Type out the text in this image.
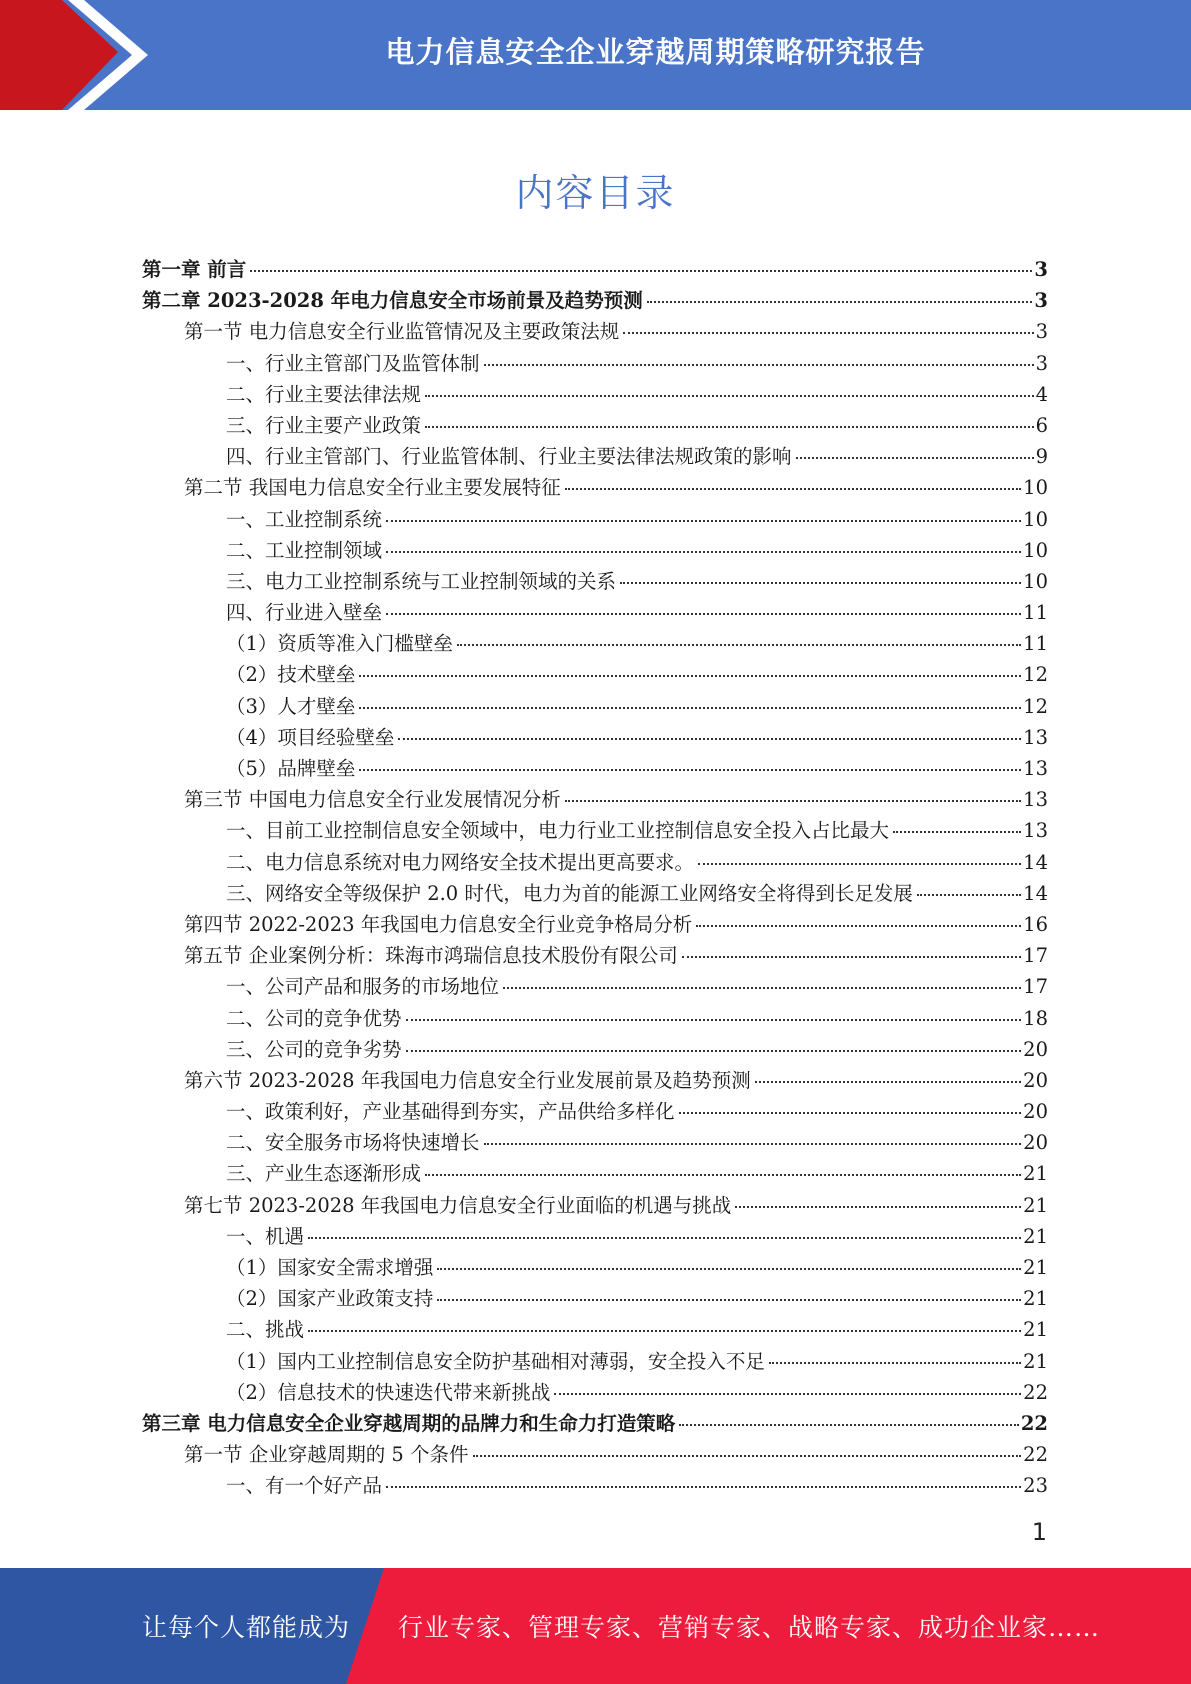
电力信息安全企业穿越周期策略研究报告
内容目录
第一章 前言	3
第二章 2023-2028 年电力信息安全市场前景及趋势预测	3
第一节 电力信息安全行业监管情况及主要政策法规	3
一、行业主管部门及监管体制	3
二、行业主要法律法规	4
三、行业主要产业政策	6
四、行业主管部门、行业监管体制、行业主要法律法规政策的影响	9
第二节 我国电力信息安全行业主要发展特征	10
一、工业控制系统	10
二、工业控制领域	10
三、电力工业控制系统与工业控制领域的关系	10
四、行业进入壁垒	11
（1）资质等准入门槛壁垒	11
（2）技术壁垒	12
（3）人才壁垒	12
（4）项目经验壁垒	13
（5）品牌壁垒	13
第三节 中国电力信息安全行业发展情况分析	13
一、目前工业控制信息安全领域中，电力行业工业控制信息安全投入占比最大	13
二、电力信息系统对电力网络安全技术提出更高要求。	14
三、网络安全等级保护 2.0 时代，电力为首的能源工业网络安全将得到长足发展	14
第四节 2022-2023 年我国电力信息安全行业竞争格局分析	16
第五节 企业案例分析：珠海市鸿瑞信息技术股份有限公司	17
一、公司产品和服务的市场地位	17
二、公司的竞争优势	18
三、公司的竞争劣势	20
第六节 2023-2028 年我国电力信息安全行业发展前景及趋势预测	20
一、政策利好，产业基础得到夯实，产品供给多样化	20
二、安全服务市场将快速增长	20
三、产业生态逐渐形成	21
第七节 2023-2028 年我国电力信息安全行业面临的机遇与挑战	21
一、机遇	21
（1）国家安全需求增强	21
（2）国家产业政策支持	21
二、挑战	21
（1）国内工业控制信息安全防护基础相对薄弱，安全投入不足	21
（2）信息技术的快速迭代带来新挑战	22
第三章 电力信息安全企业穿越周期的品牌力和生命力打造策略	22
第一节 企业穿越周期的 5 个条件	22
一、有一个好产品	23
1
让每个人都能成为 行业专家、管理专家、营销专家、战略专家、成功企业家……
